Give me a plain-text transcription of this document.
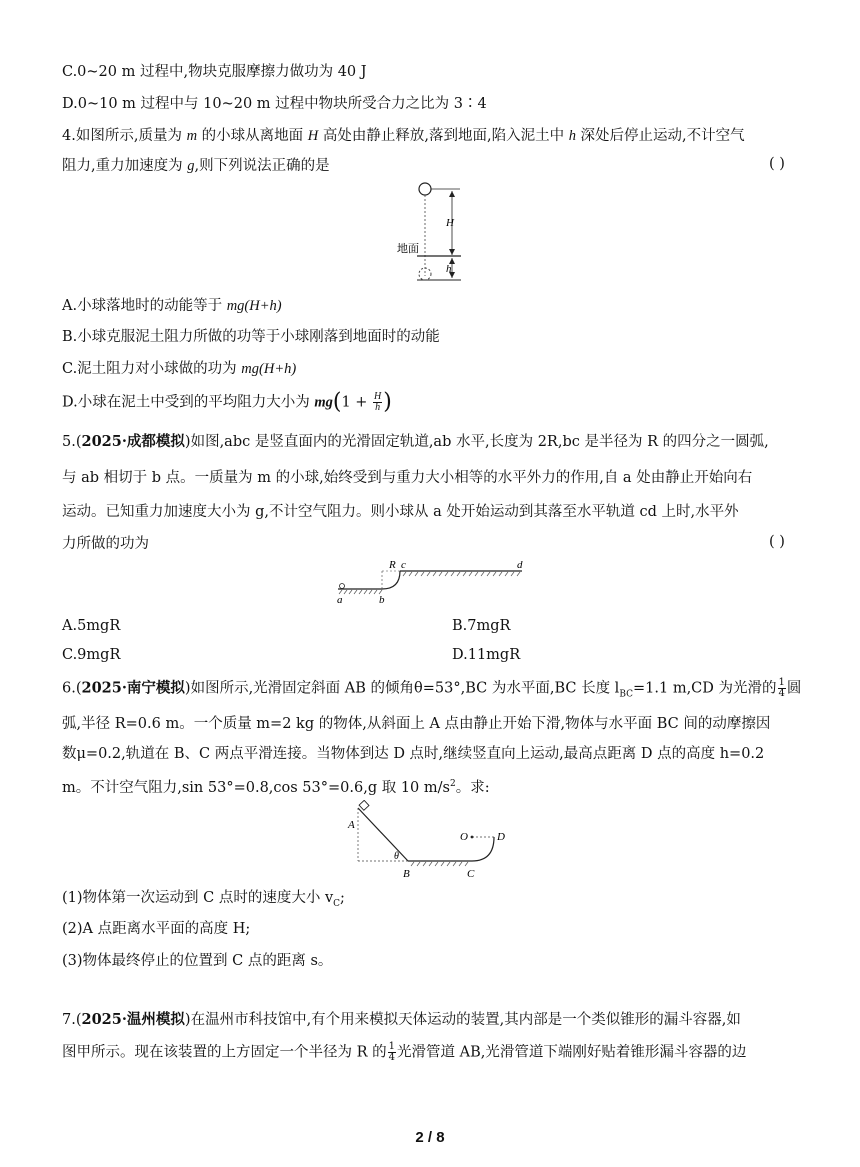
C.0~20 m 过程中,物块克服摩擦力做功为 40 J
D.0~10 m 过程中与 10~20 m 过程中物块所受合力之比为 3∶4
4.如图所示,质量为 m 的小球从离地面 H 高处由静止释放,落到地面,陷入泥土中 h 深处后停止运动,不计空气
阻力,重力加速度为 g,则下列说法正确的是	( )
H
地面
h
A.小球落地时的动能等于 mg(H+h)
B.小球克服泥土阻力所做的功等于小球刚落到地面时的动能
C.泥土阻力对小球做的功为 mg(H+h)
D.小球在泥土中受到的平均阻力大小为 $mg(1 + \frac{H}{h}$ )
5.(2025·成都模拟)如图,abc 是竖直面内的光滑固定轨道,ab 水平,长度为 2R,bc 是半径为 R 的四分之一圆弧,
与 ab 相切于 b 点。一质量为 m 的小球,始终受到与重力大小相等的水平外力的作用,自 a 处由静止开始向右
运动。已知重力加速度大小为 g,不计空气阻力。则小球从 a 处开始运动到其落至水平轨道 cd 上时,水平外
力所做的功为	( )
R c	d
a	b
A.5mgR	B.7mgR
C.9mgR	D.11mgR
6.(2025·南宁模拟)如图所示,光滑固定斜面 AB 的倾角θ=53°,BC 为水平面,BC 长度 $l_{BC}=1.1$ m,CD 为光滑的 $\frac{1}{4}$ 圆
弧,半径 R=0.6 m。一个质量 m=2 kg 的物体,从斜面上 A 点由静止开始下滑,物体与水平面 BC 间的动摩擦因
数μ=0.2,轨道在 B、C 两点平滑连接。当物体到达 D 点时,继续竖直向上运动,最高点距离 D 点的高度 h=0.2
m。不计空气阻力,sin 53°=0.8,cos 53°=0.6,g 取 10 $m/s^2$。求:
A
θ
B	C
O	D
(1)物体第一次运动到 C 点时的速度大小 $v_C$;
(2)A 点距离水平面的高度 H;
(3)物体最终停止的位置到 C 点的距离 s。
7.(2025·温州模拟)在温州市科技馆中,有个用来模拟天体运动的装置,其内部是一个类似锥形的漏斗容器,如
图甲所示。现在该装置的上方固定一个半径为 R 的 $\frac{1}{4}$ 光滑管道 AB,光滑管道下端刚好贴着锥形漏斗容器的边
2 / 8
